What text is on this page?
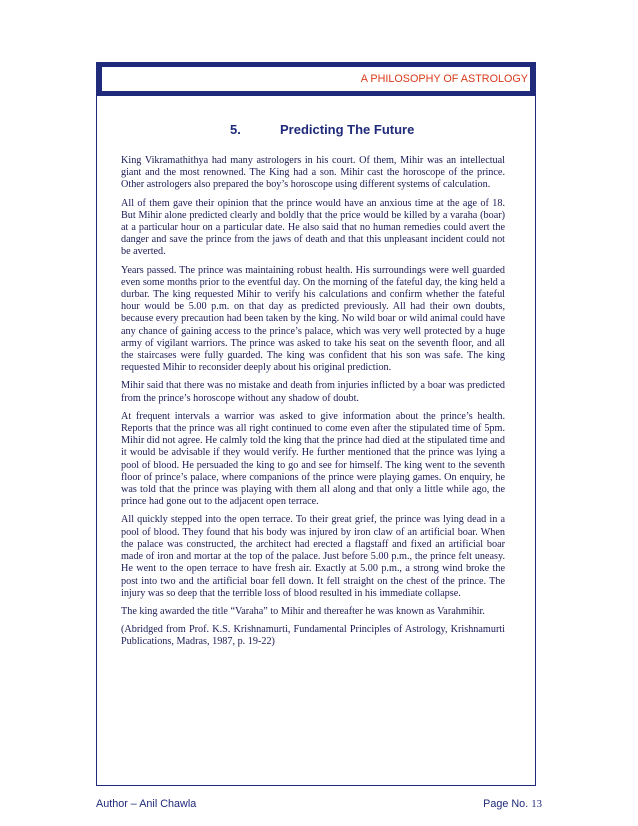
A PHILOSOPHY OF ASTROLOGY
5.	Predicting The Future

King Vikramathithya had many astrologers in his court. Of them, Mihir was an intellectual giant and the most renowned. The King had a son. Mihir cast the horoscope of the prince. Other astrologers also prepared the boy’s horoscope using different systems of calculation.

All of them gave their opinion that the prince would have an anxious time at the age of 18. But Mihir alone predicted clearly and boldly that the price would be killed by a varaha (boar) at a particular hour on a particular date. He also said that no human remedies could avert the danger and save the prince from the jaws of death and that this unpleasant incident could not be averted.

Years passed. The prince was maintaining robust health. His surroundings were well guarded even some months prior to the eventful day. On the morning of the fateful day, the king held a durbar. The king requested Mihir to verify his calculations and confirm whether the fateful hour would be 5.00 p.m. on that day as predicted previously. All had their own doubts, because every precaution had been taken by the king. No wild boar or wild animal could have any chance of gaining access to the prince’s palace, which was very well protected by a huge army of vigilant warriors. The prince was asked to take his seat on the seventh floor, and all the staircases were fully guarded. The king was confident that his son was safe. The king requested Mihir to reconsider deeply about his original prediction.

Mihir said that there was no mistake and death from injuries inflicted by a boar was predicted from the prince’s horoscope without any shadow of doubt.

At frequent intervals a warrior was asked to give information about the prince’s health. Reports that the prince was all right continued to come even after the stipulated time of 5pm. Mihir did not agree. He calmly told the king that the prince had died at the stipulated time and it would be advisable if they would verify. He further mentioned that the prince was lying a pool of blood. He persuaded the king to go and see for himself. The king went to the seventh floor of prince’s palace, where companions of the prince were playing games. On enquiry, he was told that the prince was playing with them all along and that only a little while ago, the prince had gone out to the adjacent open terrace.

All quickly stepped into the open terrace. To their great grief, the prince was lying dead in a pool of blood. They found that his body was injured by iron claw of an artificial boar. When the palace was constructed, the architect had erected a flagstaff and fixed an artificial boar made of iron and mortar at the top of the palace. Just before 5.00 p.m., the prince felt uneasy. He went to the open terrace to have fresh air. Exactly at 5.00 p.m., a strong wind broke the post into two and the artificial boar fell down. It fell straight on the chest of the prince. The injury was so deep that the terrible loss of blood resulted in his immediate collapse.

The king awarded the title “Varaha” to Mihir and thereafter he was known as Varahmihir.

(Abridged from Prof. K.S. Krishnamurti, Fundamental Principles of Astrology, Krishnamurti Publications, Madras, 1987, p. 19-22)

Author – Anil Chawla	Page No. 13
